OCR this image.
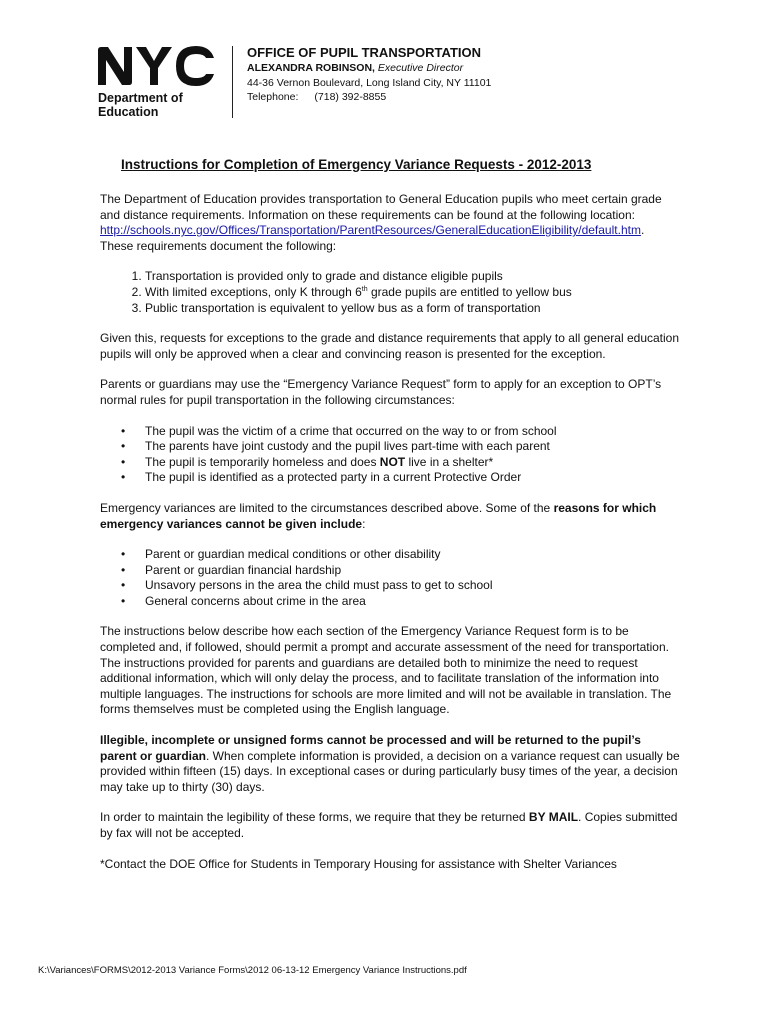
NYC
Department of
Education
OFFICE OF PUPIL TRANSPORTATION
ALEXANDRA ROBINSON, Executive Director
44-36 Vernon Boulevard, Long Island City, NY 11101
Telephone: (718) 392-8855
Instructions for Completion of Emergency Variance Requests - 2012-2013

The Department of Education provides transportation to General Education pupils who meet certain grade and distance requirements. Information on these requirements can be found at the following location:
http://schools.nyc.gov/Offices/Transportation/ParentResources/GeneralEducationEligibility/default.htm.
These requirements document the following:

1. Transportation is provided only to grade and distance eligible pupils
2. With limited exceptions, only K through 6th grade pupils are entitled to yellow bus
3. Public transportation is equivalent to yellow bus as a form of transportation

Given this, requests for exceptions to the grade and distance requirements that apply to all general education pupils will only be approved when a clear and convincing reason is presented for the exception.

Parents or guardians may use the “Emergency Variance Request” form to apply for an exception to OPT’s normal rules for pupil transportation in the following circumstances:

• The pupil was the victim of a crime that occurred on the way to or from school
• The parents have joint custody and the pupil lives part-time with each parent
• The pupil is temporarily homeless and does NOT live in a shelter*
• The pupil is identified as a protected party in a current Protective Order

Emergency variances are limited to the circumstances described above. Some of the reasons for which emergency variances cannot be given include:

• Parent or guardian medical conditions or other disability
• Parent or guardian financial hardship
• Unsavory persons in the area the child must pass to get to school
• General concerns about crime in the area

The instructions below describe how each section of the Emergency Variance Request form is to be completed and, if followed, should permit a prompt and accurate assessment of the need for transportation. The instructions provided for parents and guardians are detailed both to minimize the need to request additional information, which will only delay the process, and to facilitate translation of the information into multiple languages. The instructions for schools are more limited and will not be available in translation. The forms themselves must be completed using the English language.

Illegible, incomplete or unsigned forms cannot be processed and will be returned to the pupil’s parent or guardian. When complete information is provided, a decision on a variance request can usually be provided within fifteen (15) days. In exceptional cases or during particularly busy times of the year, a decision may take up to thirty (30) days.

In order to maintain the legibility of these forms, we require that they be returned BY MAIL. Copies submitted by fax will not be accepted.

*Contact the DOE Office for Students in Temporary Housing for assistance with Shelter Variances

K:\Variances\FORMS\2012-2013 Variance Forms\2012 06-13-12 Emergency Variance Instructions.pdf
